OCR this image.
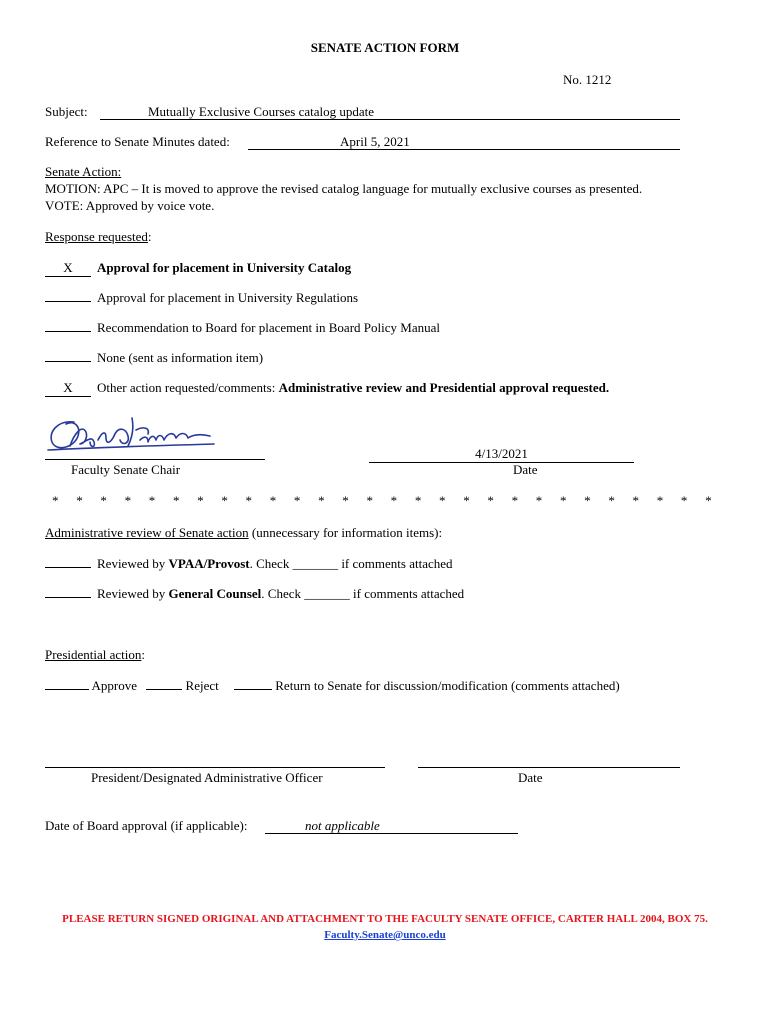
SENATE ACTION FORM
No. 1212
Subject:	Mutually Exclusive Courses catalog update
Reference to Senate Minutes dated:	April 5, 2021
Senate Action:
MOTION: APC – It is moved to approve the revised catalog language for mutually exclusive courses as presented.
VOTE: Approved by voice vote.
Response requested:
X Approval for placement in University Catalog
Approval for placement in University Regulations
Recommendation to Board for placement in Board Policy Manual
None (sent as information item)
X Other action requested/comments: Administrative review and Presidential approval requested.
Faculty Senate Chair
4/13/2021
Date
* * * * * * * * * * * * * * * * * * * * * * * * * * * *
Administrative review of Senate action (unnecessary for information items):
Reviewed by VPAA/Provost. Check _______ if comments attached
Reviewed by General Counsel. Check _______ if comments attached
Presidential action:
Approve	Reject	Return to Senate for discussion/modification (comments attached)
President/Designated Administrative Officer	Date
Date of Board approval (if applicable):	not applicable
PLEASE RETURN SIGNED ORIGINAL AND ATTACHMENT TO THE FACULTY SENATE OFFICE, CARTER HALL 2004, BOX 75.
Faculty.Senate@unco.edu
